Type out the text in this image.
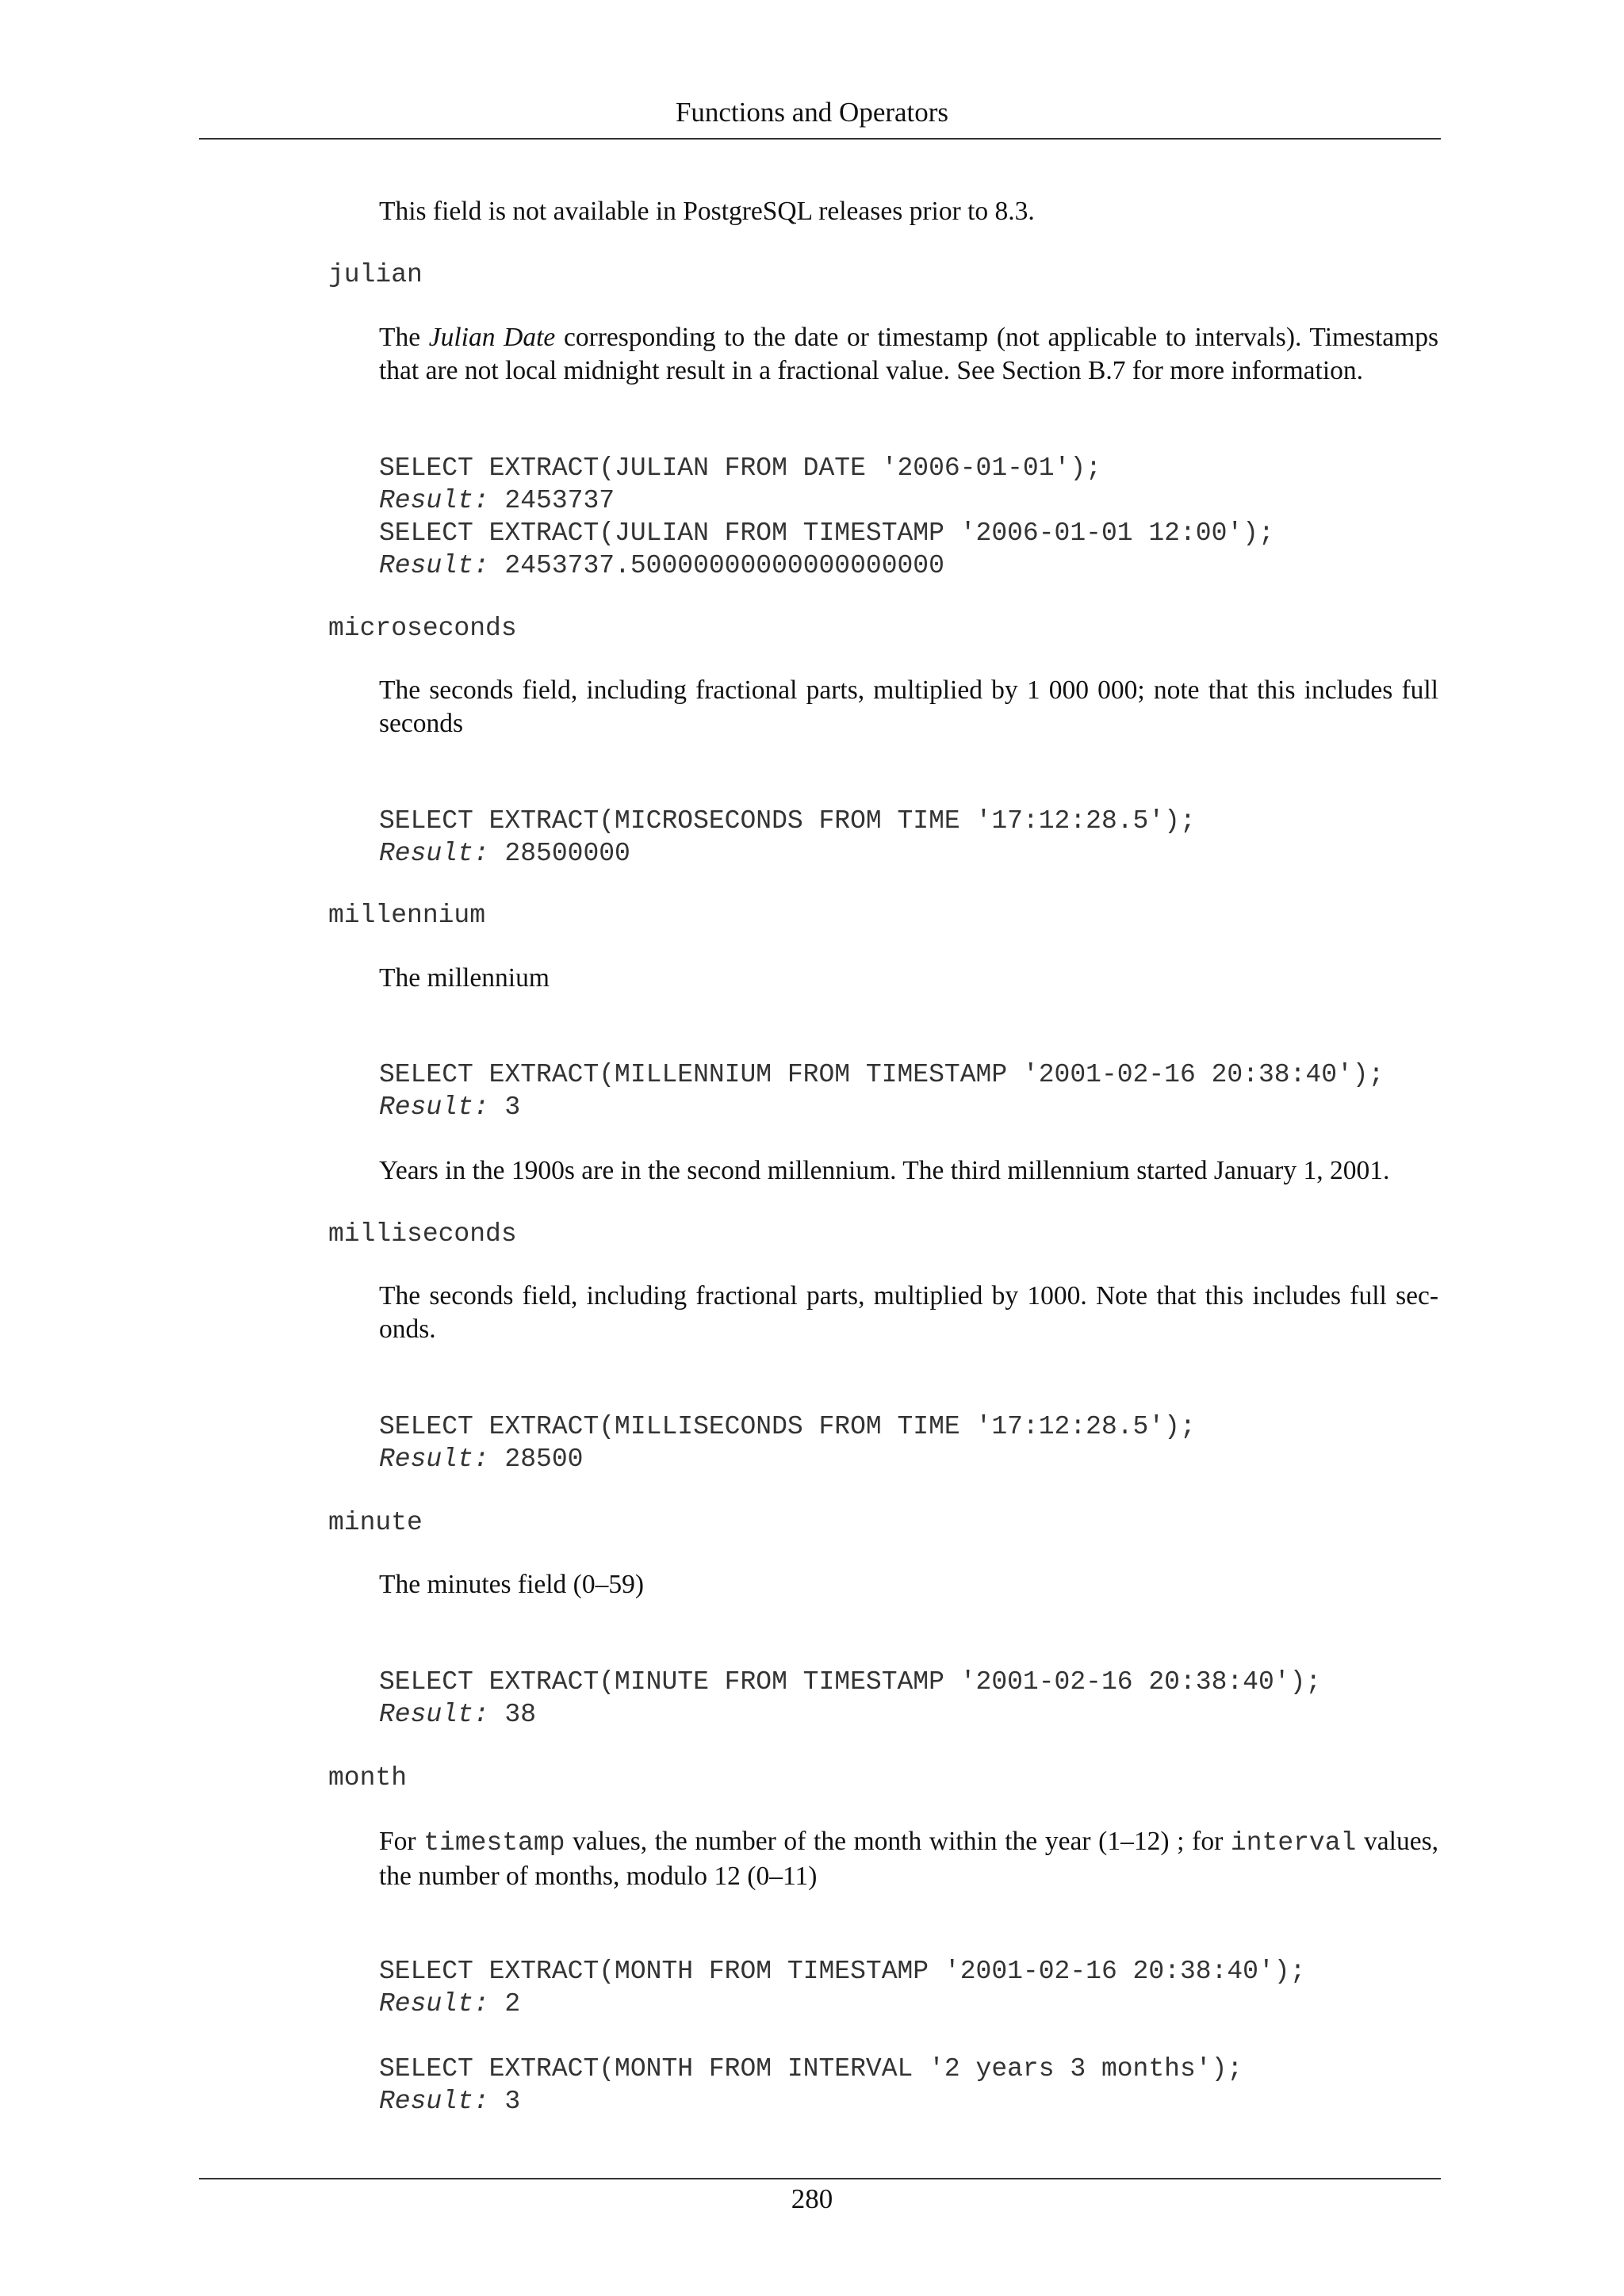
Functions and Operators
This field is not available in PostgreSQL releases prior to 8.3.
julian
The Julian Date corresponding to the date or timestamp (not applicable to intervals). Timestamps that are not local midnight result in a fractional value. See Section B.7 for more information.
SELECT EXTRACT(JULIAN FROM DATE '2006-01-01');
Result: 2453737
SELECT EXTRACT(JULIAN FROM TIMESTAMP '2006-01-01 12:00');
Result: 2453737.50000000000000000000
microseconds
The seconds field, including fractional parts, multiplied by 1 000 000; note that this includes full seconds
SELECT EXTRACT(MICROSECONDS FROM TIME '17:12:28.5');
Result: 28500000
millennium
The millennium
SELECT EXTRACT(MILLENNIUM FROM TIMESTAMP '2001-02-16 20:38:40');
Result: 3
Years in the 1900s are in the second millennium. The third millennium started January 1, 2001.
milliseconds
The seconds field, including fractional parts, multiplied by 1000. Note that this includes full sec-onds.
SELECT EXTRACT(MILLISECONDS FROM TIME '17:12:28.5');
Result: 28500
minute
The minutes field (0–59)
SELECT EXTRACT(MINUTE FROM TIMESTAMP '2001-02-16 20:38:40');
Result: 38
month
For timestamp values, the number of the month within the year (1–12) ; for interval values, the number of months, modulo 12 (0–11)
SELECT EXTRACT(MONTH FROM TIMESTAMP '2001-02-16 20:38:40');
Result: 2
SELECT EXTRACT(MONTH FROM INTERVAL '2 years 3 months');
Result: 3
280
